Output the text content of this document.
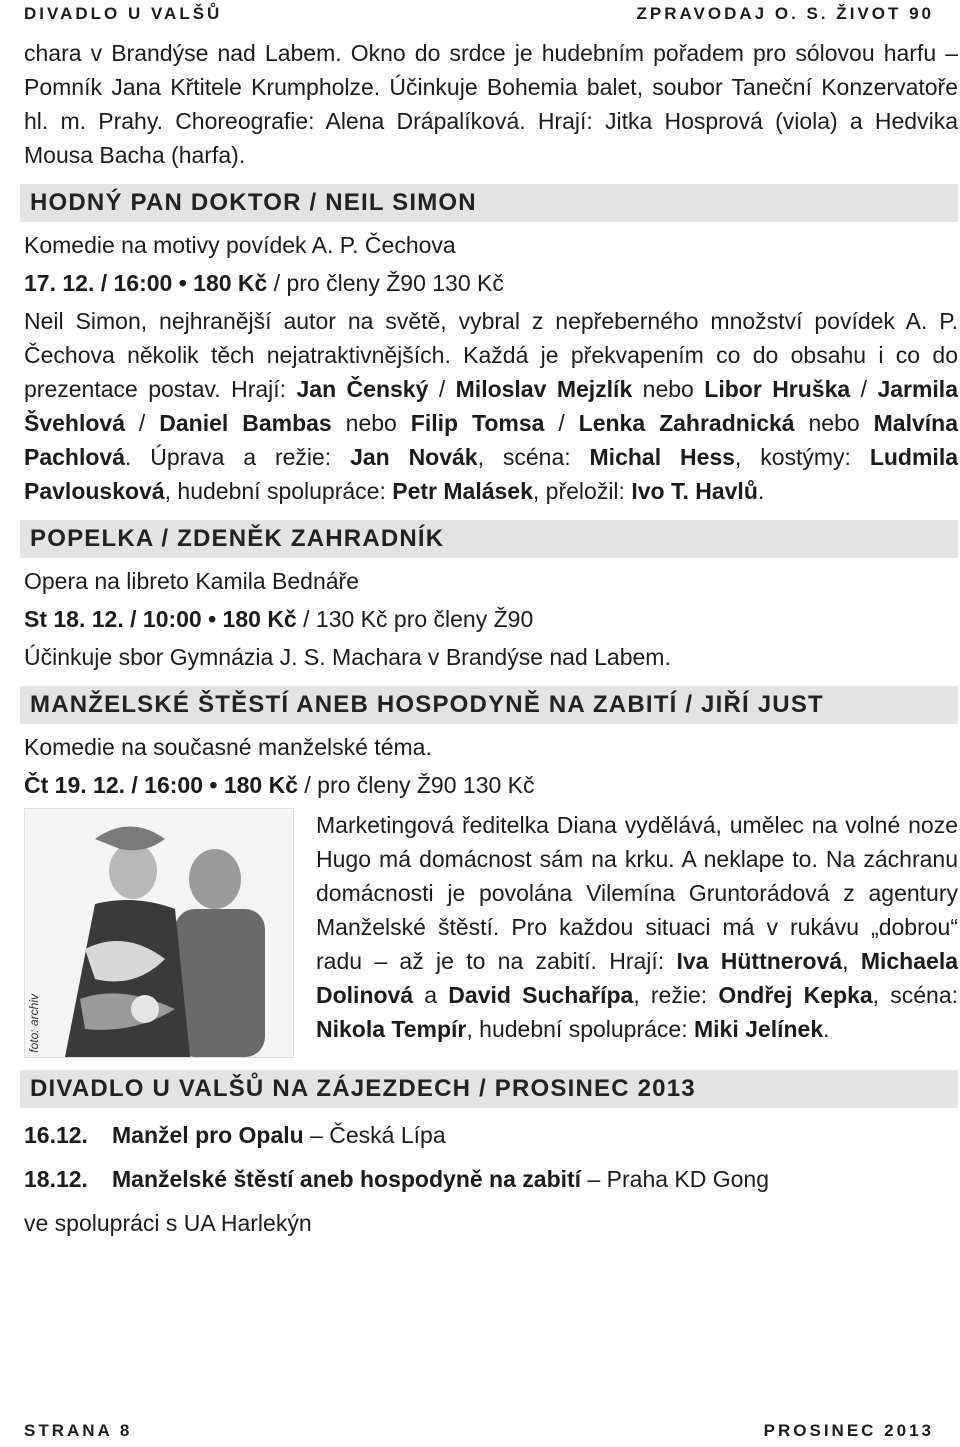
DIVADLO U VALŠŮ	ZPRAVODAJ O. S. ŽIVOT 90

chara v Brandýse nad Labem. Okno do srdce je hudebním pořadem pro sólovou harfu – Pomník Jana Křtitele Krumpholze. Účinkuje Bohemia balet, soubor Taneční Konzervatoře hl. m. Prahy. Choreografie: Alena Drápalíková. Hrají: Jitka Hosprová (viola) a Hedvika Mousa Bacha (harfa).

HODNÝ PAN DOKTOR / NEIL SIMON

Komedie na motivy povídek A. P. Čechova

17. 12. / 16:00 • 180 Kč / pro členy Ž90 130 Kč

Neil Simon, nejhranější autor na světě, vybral z nepřeberného množství povídek A. P. Čechova několik těch nejatraktivnějších. Každá je překvapením co do obsahu i co do prezentace postav. Hrají: Jan Čenský / Miloslav Mejzlík nebo Libor Hruška / Jarmila Švehlová / Daniel Bambas nebo Filip Tomsa / Lenka Zahradnická nebo Malvína Pachlová. Úprava a režie: Jan Novák, scéna: Michal Hess, kostýmy: Ludmila Pavlousková, hudební spolupráce: Petr Malásek, přeložil: Ivo T. Havlů.

POPELKA / ZDENĚK ZAHRADNÍK

Opera na libreto Kamila Bednáře

St 18. 12. / 10:00 • 180 Kč / 130 Kč pro členy Ž90

Účinkuje sbor Gymnázia J. S. Machara v Brandýse nad Labem.

MANŽELSKÉ ŠTĚSTÍ ANEB HOSPODYNĚ NA ZABITÍ / JIŘÍ JUST

Komedie na současné manželské téma.

Čt 19. 12. / 16:00 • 180 Kč / pro členy Ž90 130 Kč

foto: archiv

Marketingová ředitelka Diana vydělává, umělec na volné noze Hugo má domácnost sám na krku. A neklape to. Na záchranu domácnosti je povolána Vilemína Gruntorádová z agentury Manželské štěstí. Pro každou situaci má v rukávu „dobrou“ radu – až je to na zabití. Hrají: Iva Hüttnerová, Michaela Dolinová a David Suchařípa, režie: Ondřej Kepka, scéna: Nikola Tempír, hudební spolupráce: Miki Jelínek.

DIVADLO U VALŠŮ NA ZÁJEZDECH / PROSINEC 2013

16.12. Manžel pro Opalu – Česká Lípa

18.12. Manželské štěstí aneb hospodyně na zabití – Praha KD Gong

ve spolupráci s UA Harlekýn

STRANA 8	PROSINEC 2013
